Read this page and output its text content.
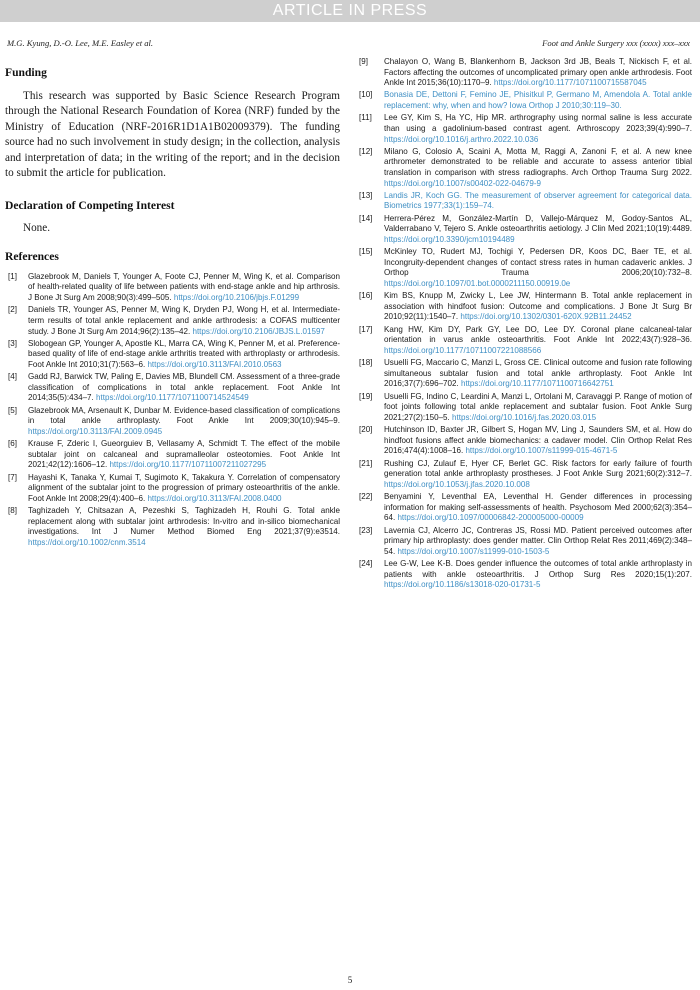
ARTICLE IN PRESS
M.G. Kyung, D.-O. Lee, M.E. Easley et al.	Foot and Ankle Surgery xxx (xxxx) xxx–xxx
Funding

This research was supported by Basic Science Research Program through the National Research Foundation of Korea (NRF) funded by the Ministry of Education (NRF-2016R1D1A1B02009379). The funding source had no such involvement in study design; in the collection, analysis and interpretation of data; in the writing of the report; and in the decision to submit the article for publication.

Declaration of Competing Interest

None.

References
[1] Glazebrook M, Daniels T, Younger A, Foote CJ, Penner M, Wing K, et al. Comparison of health-related quality of life between patients with end-stage ankle and hip arthrosis. J Bone Jt Surg Am 2008;90(3):499–505. https://doi.org/10.2106/jbjs.F.01299
[2] Daniels TR, Younger AS, Penner M, Wing K, Dryden PJ, Wong H, et al. Intermediate-term results of total ankle replacement and ankle arthrodesis: a COFAS multicenter study. J Bone Jt Surg Am 2014;96(2):135–42. https://doi.org/10.2106/JBJS.L.01597
[3] Slobogean GP, Younger A, Apostle KL, Marra CA, Wing K, Penner M, et al. Preference-based quality of life of end-stage ankle arthritis treated with arthroplasty or arthrodesis. Foot Ankle Int 2010;31(7):563–6. https://doi.org/10.3113/FAI.2010.0563
[4] Gadd RJ, Barwick TW, Paling E, Davies MB, Blundell CM. Assessment of a three-grade classification of complications in total ankle replacement. Foot Ankle Int 2014;35(5):434–7. https://doi.org/10.1177/1071100714524549
[5] Glazebrook MA, Arsenault K, Dunbar M. Evidence-based classification of complications in total ankle arthroplasty. Foot Ankle Int 2009;30(10):945–9. https://doi.org/10.3113/FAI.2009.0945
[6] Krause F, Zderic I, Gueorguiev B, Vellasamy A, Schmidt T. The effect of the mobile subtalar joint on calcaneal and supramalleolar osteotomies. Foot Ankle Int 2021;42(12):1606–12. https://doi.org/10.1177/10711007211027295
[7] Hayashi K, Tanaka Y, Kumai T, Sugimoto K, Takakura Y. Correlation of compensatory alignment of the subtalar joint to the progression of primary osteoarthritis of the ankle. Foot Ankle Int 2008;29(4):400–6. https://doi.org/10.3113/FAI.2008.0400
[8] Taghizadeh Y, Chitsazan A, Pezeshki S, Taghizadeh H, Rouhi G. Total ankle replacement along with subtalar joint arthrodesis: In-vitro and in-silico biomechanical investigations. Int J Numer Method Biomed Eng 2021;37(9):e3514. https://doi.org/10.1002/cnm.3514
[9] Chalayon O, Wang B, Blankenhorn B, Jackson 3rd JB, Beals T, Nickisch F, et al. Factors affecting the outcomes of uncomplicated primary open ankle arthrodesis. Foot Ankle Int 2015;36(10):1170–9. https://doi.org/10.1177/1071100715587045
[10] Bonasia DE, Dettoni F, Femino JE, Phisitkul P, Germano M, Amendola A. Total ankle replacement: why, when and how? Iowa Orthop J 2010;30:119–30.
[11] Lee GY, Kim S, Ha YC, Hip MR. arthrography using normal saline is less accurate than using a gadolinium-based contrast agent. Arthroscopy 2023;39(4):990–7. https://doi.org/10.1016/j.arthro.2022.10.036
[12] Milano G, Colosio A, Scaini A, Motta M, Raggi A, Zanoni F, et al. A new knee arthrometer demonstrated to be reliable and accurate to assess anterior tibial translation in comparison with stress radiographs. Arch Orthop Trauma Surg 2022. https://doi.org/10.1007/s00402-022-04679-9
[13] Landis JR, Koch GG. The measurement of observer agreement for categorical data. Biometrics 1977;33(1):159–74.
[14] Herrera-Pérez M, González-Martín D, Vallejo-Márquez M, Godoy-Santos AL, Valderrabano V, Tejero S. Ankle osteoarthritis aetiology. J Clin Med 2021;10(19):4489. https://doi.org/10.3390/jcm10194489
[15] McKinley TO, Rudert MJ, Tochigi Y, Pedersen DR, Koos DC, Baer TE, et al. Incongruity-dependent changes of contact stress rates in human cadaveric ankles. J Orthop Trauma 2006;20(10):732–8. https://doi.org/10.1097/01.bot.0000211150.00919.0e
[16] Kim BS, Knupp M, Zwicky L, Lee JW, Hintermann B. Total ankle replacement in association with hindfoot fusion: Outcome and complications. J Bone Jt Surg Br 2010;92(11):1540–7. https://doi.org/10.1302/0301-620X.92B11.24452
[17] Kang HW, Kim DY, Park GY, Lee DO, Lee DY. Coronal plane calcaneal-talar orientation in varus ankle osteoarthritis. Foot Ankle Int 2022;43(7):928–36. https://doi.org/10.1177/10711007221088566
[18] Usuelli FG, Maccario C, Manzi L, Gross CE. Clinical outcome and fusion rate following simultaneous subtalar fusion and total ankle arthroplasty. Foot Ankle Int 2016;37(7):696–702. https://doi.org/10.1177/1071100716642751
[19] Usuelli FG, Indino C, Leardini A, Manzi L, Ortolani M, Caravaggi P. Range of motion of foot joints following total ankle replacement and subtalar fusion. Foot Ankle Surg 2021;27(2):150–5. https://doi.org/10.1016/j.fas.2020.03.015
[20] Hutchinson ID, Baxter JR, Gilbert S, Hogan MV, Ling J, Saunders SM, et al. How do hindfoot fusions affect ankle biomechanics: a cadaver model. Clin Orthop Relat Res 2016;474(4):1008–16. https://doi.org/10.1007/s11999-015-4671-5
[21] Rushing CJ, Zulauf E, Hyer CF, Berlet GC. Risk factors for early failure of fourth generation total ankle arthroplasty prostheses. J Foot Ankle Surg 2021;60(2):312–7. https://doi.org/10.1053/j.jfas.2020.10.008
[22] Benyamini Y, Leventhal EA, Leventhal H. Gender differences in processing information for making self-assessments of health. Psychosom Med 2000;62(3):354–64. https://doi.org/10.1097/00006842-200005000-00009
[23] Lavernia CJ, Alcerro JC, Contreras JS, Rossi MD. Patient perceived outcomes after primary hip arthroplasty: does gender matter. Clin Orthop Relat Res 2011;469(2):348–54. https://doi.org/10.1007/s11999-010-1503-5
[24] Lee G-W, Lee K-B. Does gender influence the outcomes of total ankle arthroplasty in patients with ankle osteoarthritis. J Orthop Surg Res 2020;15(1):207. https://doi.org/10.1186/s13018-020-01731-5
5
